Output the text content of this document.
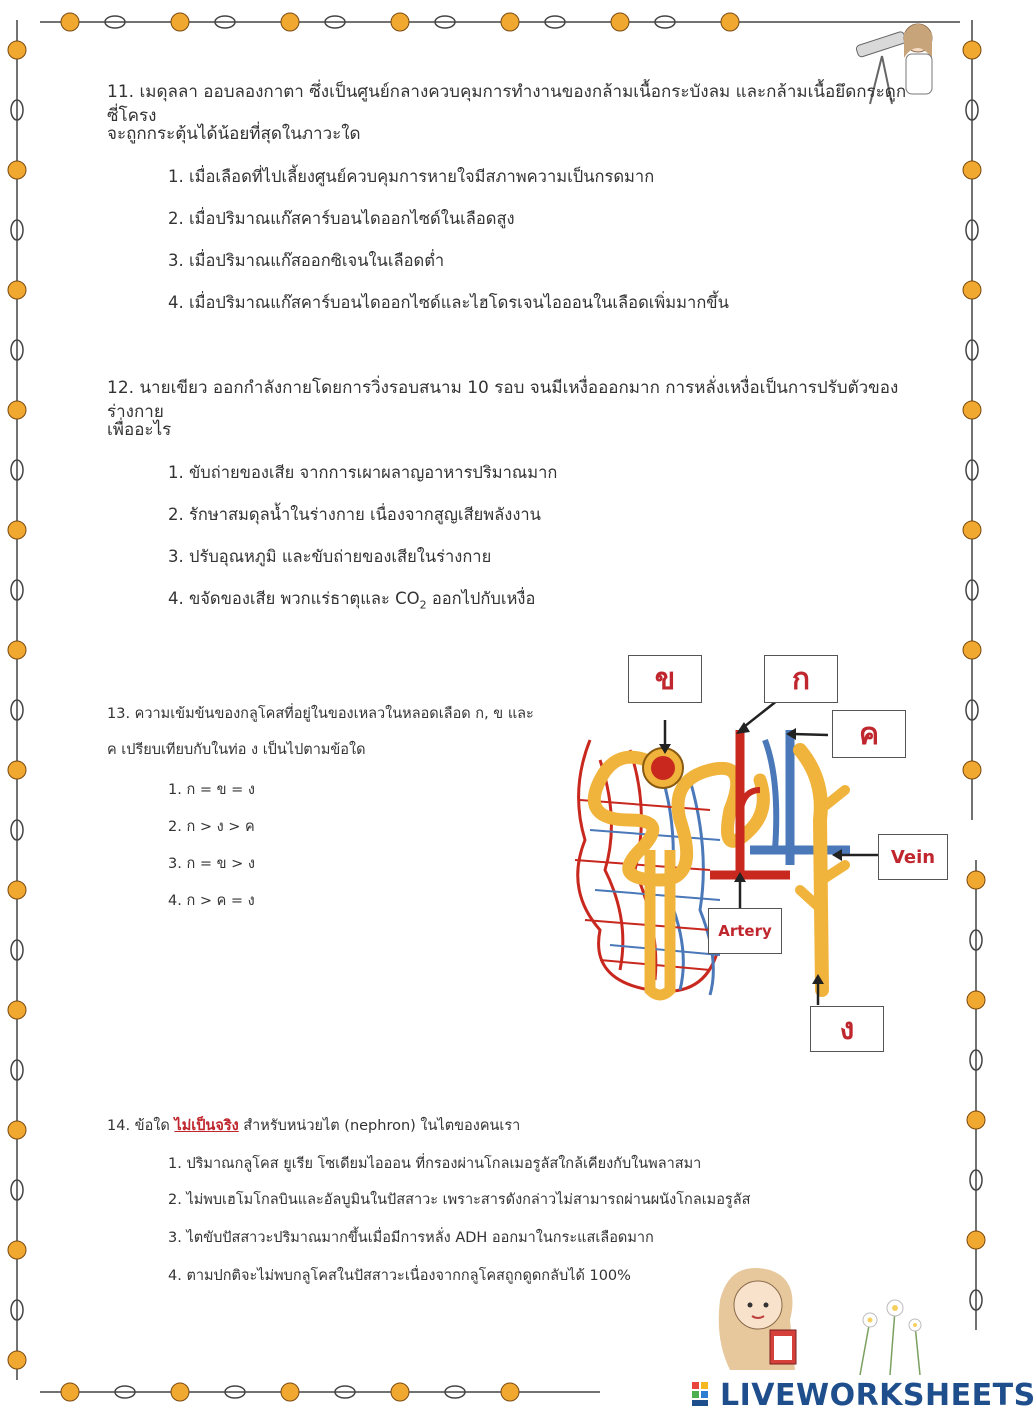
11. เมดุลลา ออบลองกาตา ซึ่งเป็นศูนย์กลางควบคุมการทำงานของกล้ามเนื้อกระบังลม และกล้ามเนื้อยึดกระดูกซี่โครง
จะถูกกระตุ้นได้น้อยที่สุดในภาวะใด
1. เมื่อเลือดที่ไปเลี้ยงศูนย์ควบคุมการหายใจมีสภาพความเป็นกรดมาก
2. เมื่อปริมาณแก๊สคาร์บอนไดออกไซด์ในเลือดสูง
3. เมื่อปริมาณแก๊สออกซิเจนในเลือดต่ำ
4. เมื่อปริมาณแก๊สคาร์บอนไดออกไซด์และไฮโดรเจนไอออนในเลือดเพิ่มมากขึ้น
12. นายเขียว ออกกำลังกายโดยการวิ่งรอบสนาม 10 รอบ จนมีเหงื่อออกมาก การหลั่งเหงื่อเป็นการปรับตัวของร่างกาย
เพื่ออะไร
1. ขับถ่ายของเสีย จากการเผาผลาญอาหารปริมาณมาก
2. รักษาสมดุลน้ำในร่างกาย เนื่องจากสูญเสียพลังงาน
3. ปรับอุณหภูมิ และขับถ่ายของเสียในร่างกาย
4. ขจัดของเสีย พวกแร่ธาตุและ $CO_2$ ออกไปกับเหงื่อ
13. ความเข้มข้นของกลูโคสที่อยู่ในของเหลวในหลอดเลือด ก, ข และ
ค เปรียบเทียบกับในท่อ ง เป็นไปตามข้อใด
1. ก = ข = ง
2. ก > ง > ค
3. ก = ข > ง
4. ก > ค = ง
ข	ก
ค
Vein
Artery
ง
14. ข้อใด ไม่เป็นจริง สำหรับหน่วยไต (nephron) ในไตของคนเรา
1. ปริมาณกลูโคส ยูเรีย โซเดียมไอออน ที่กรองผ่านโกลเมอรูลัสใกล้เคียงกับในพลาสมา
2. ไม่พบเฮโมโกลบินและอัลบูมินในปัสสาวะ เพราะสารดังกล่าวไม่สามารถผ่านผนังโกลเมอรูลัส
3. ไตขับปัสสาวะปริมาณมากขึ้นเมื่อมีการหลั่ง ADH ออกมาในกระแสเลือดมาก
4. ตามปกติจะไม่พบกลูโคสในปัสสาวะเนื่องจากกลูโคสถูกดูดกลับได้ 100%
LIVEWORKSHEETS
